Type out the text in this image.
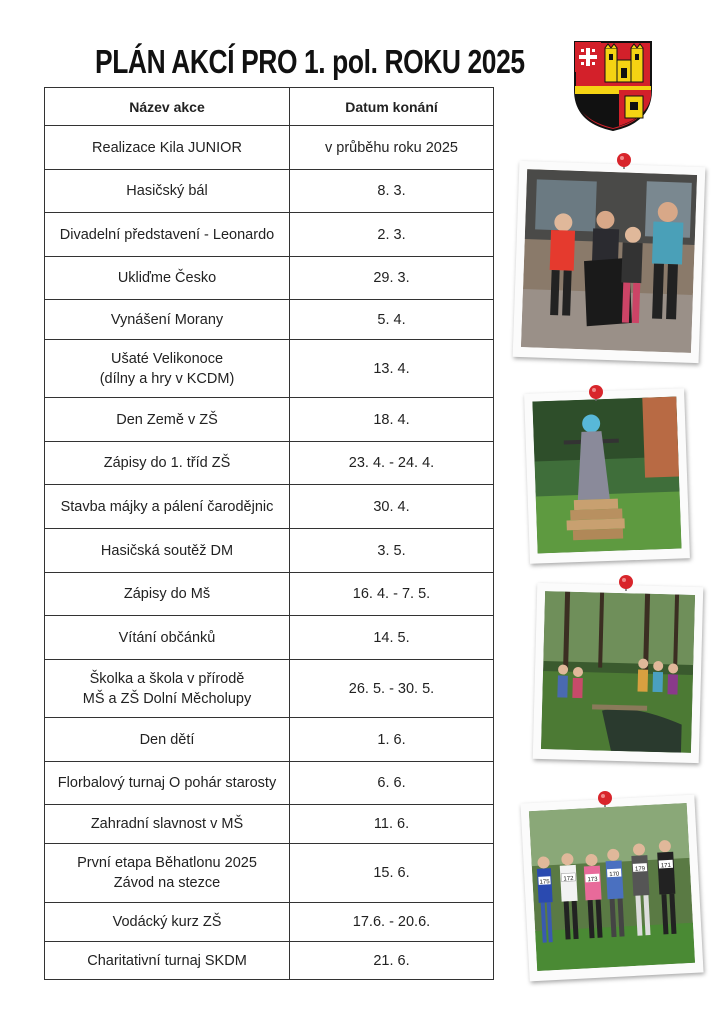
PLÁN AKCÍ PRO 1. pol. ROKU 2025
Název akce	Datum konání
Realizace Kila JUNIOR	v průběhu roku 2025
Hasičský bál	8. 3.
Divadelní představení - Leonardo	2. 3.
Ukliďme Česko	29. 3.
Vynášení Morany	5. 4.
Ušaté Velikonoce
(dílny a hry v KCDM)	13. 4.
Den Země v ZŠ	18. 4.
Zápisy do 1. tříd ZŠ	23. 4. - 24. 4.
Stavba májky a pálení čarodějnic	30. 4.
Hasičská soutěž DM	3. 5.
Zápisy do Mš	16. 4. - 7. 5.
Vítání občánků	14. 5.
Školka a škola v přírodě
MŠ a ZŠ Dolní Měcholupy	26. 5. - 30. 5.
Den dětí	1. 6.
Florbalový turnaj O pohár starosty	6. 6.
Zahradní slavnost v MŠ	11. 6.
První etapa Běhatlonu 2025
Závod na stezce	15. 6.
Vodácký kurz ZŠ	17.6. - 20.6.
Charitativní turnaj SKDM	21. 6.
175 172 173
170
179
171
